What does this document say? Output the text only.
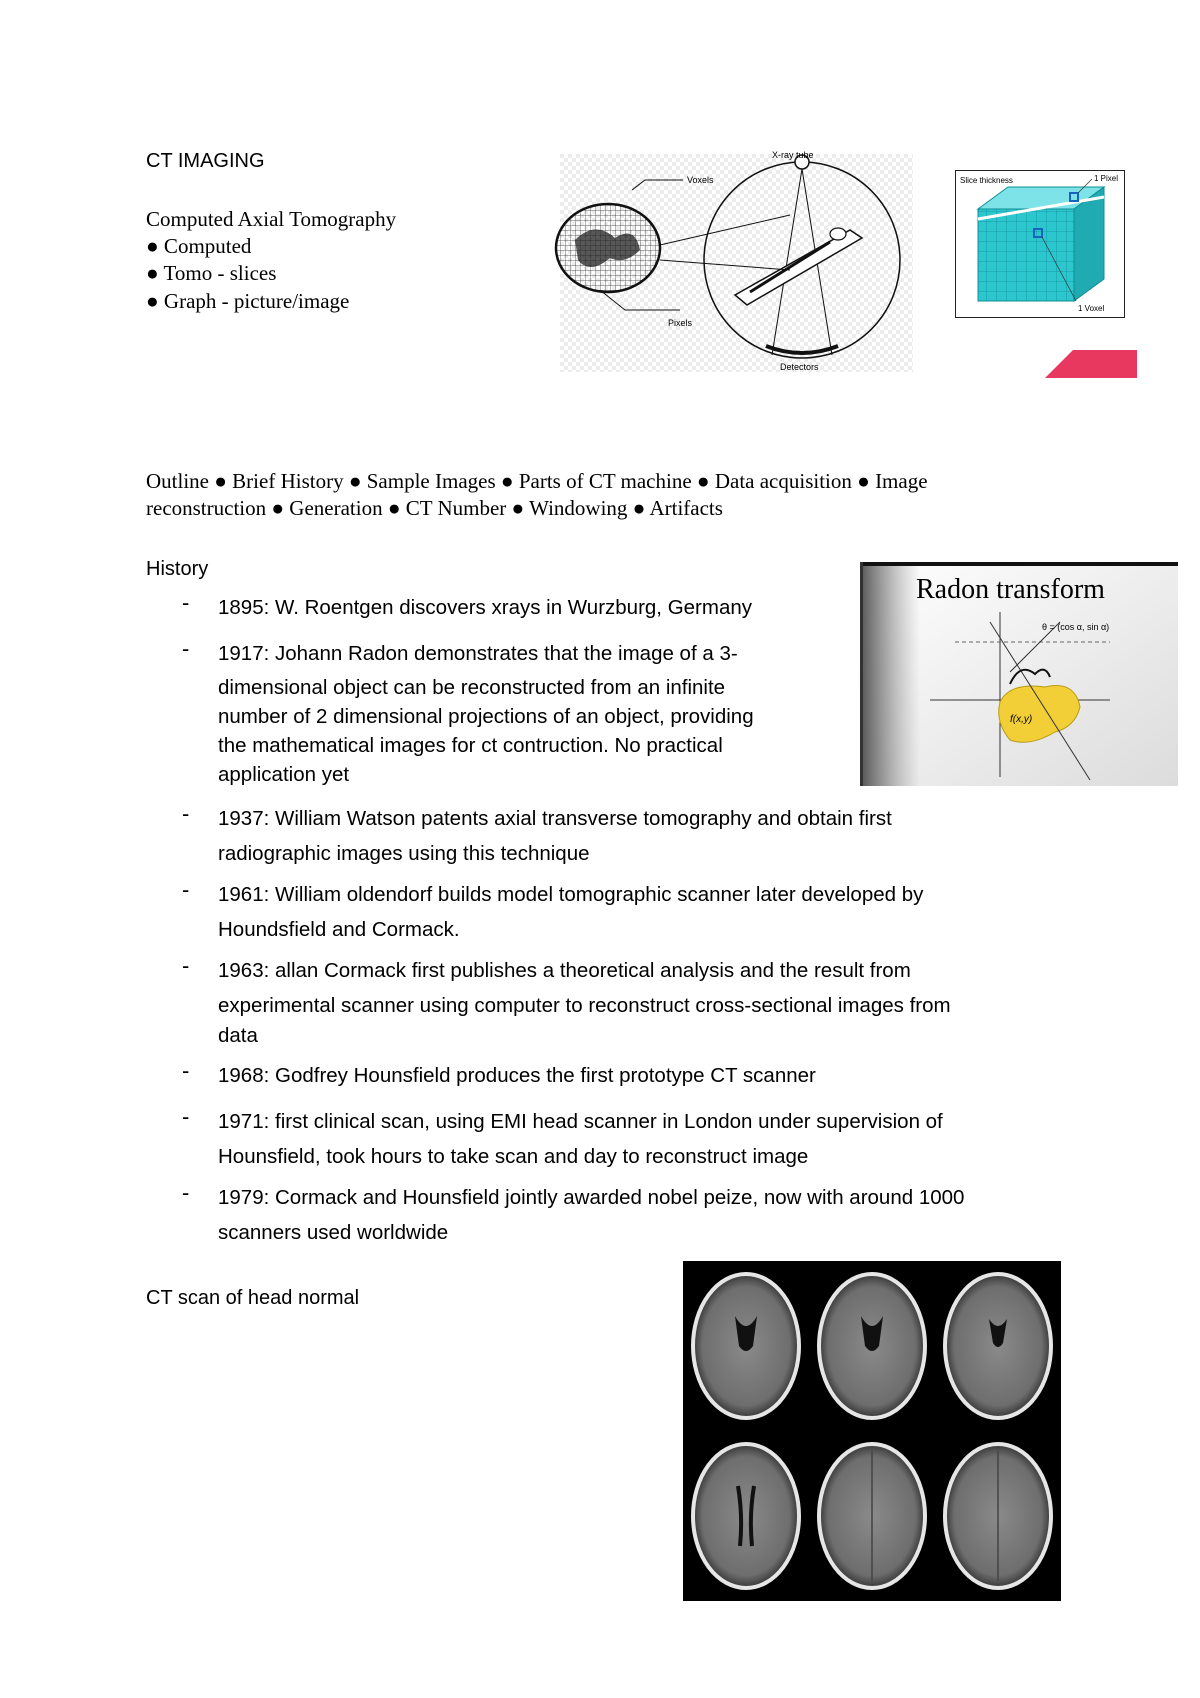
CT IMAGING
Computed Axial Tomography
● Computed
● Tomo - slices
● Graph - picture/image
X-ray tube
Voxels
Pixels
Detectors
Slice thickness	1 Pixel
1 Voxel
Outline ● Brief History ● Sample Images ● Parts of CT machine ● Data acquisition ● Image
reconstruction ● Generation ● CT Number ● Windowing ● Artifacts
History
- 1895: W. Roentgen discovers xrays in Wurzburg, Germany
- 1917: Johann Radon demonstrates that the image of a 3-
dimensional object can be reconstructed from an infinite
number of 2 dimensional projections of an object, providing
the mathematical images for ct contruction. No practical
application yet
- 1937: William Watson patents axial transverse tomography and obtain first
radiographic images using this technique
- 1961: William oldendorf builds model tomographic scanner later developed by
Houndsfield and Cormack.
- 1963: allan Cormack first publishes a theoretical analysis and the result from
experimental scanner using computer to reconstruct cross-sectional images from
data
- 1968: Godfrey Hounsfield produces the first prototype CT scanner
- 1971: first clinical scan, using EMI head scanner in London under supervision of
Hounsfield, took hours to take scan and day to reconstruct image
- 1979: Cormack and Hounsfield jointly awarded nobel peize, now with around 1000
scanners used worldwide
Radon transform
θ = (cos α, sin α)
f(x,y)
CT scan of head normal
